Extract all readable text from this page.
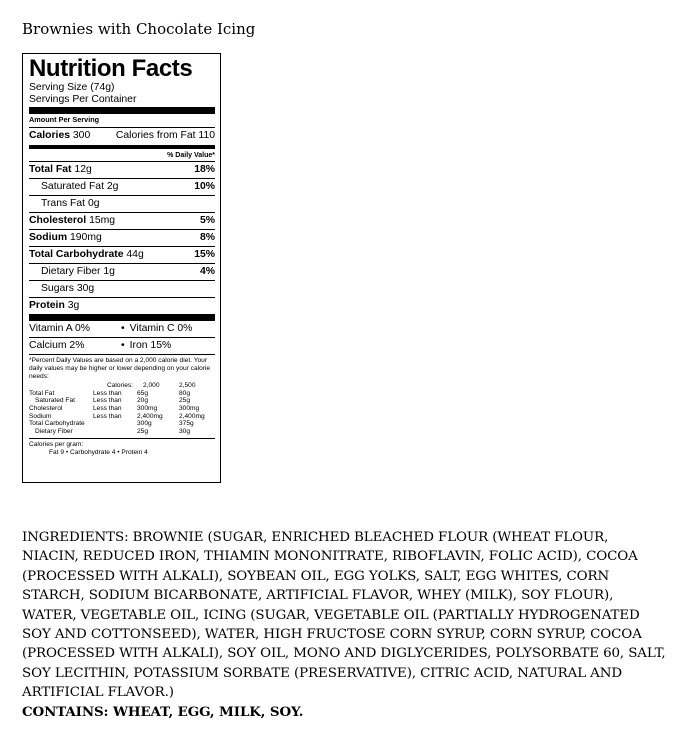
Brownies with Chocolate Icing
Nutrition Facts
Serving Size (74g)
Servings Per Container
Amount Per Serving
Calories 300 Calories from Fat 110
% Daily Value*
Total Fat 12g	18%
Saturated Fat 2g	10%
Trans Fat 0g
Cholesterol 15mg	5%
Sodium 190mg	8%
Total Carbohydrate 44g	15%
Dietary Fiber 1g	4%
Sugars 30g
Protein 3g
Vitamin A 0%	• Vitamin C 0%
Calcium 2%	• Iron 15%
*Percent Daily Values are based on a 2,000 calorie diet. Your daily values may be higher or lower depending on your calorie needs:
Calories:	2,000	2,500
Total Fat	Less than	65g	80g
Saturated Fat	Less than	20g	25g
Cholesterol	Less than	300mg	300mg
Sodium	Less than	2,400mg	2,400mg
Total Carbohydrate	300g	375g
Dietary Fiber	25g	30g
Calories per gram:
Fat 9 • Carbohydrate 4 • Protein 4
INGREDIENTS: BROWNIE (SUGAR, ENRICHED BLEACHED FLOUR (WHEAT FLOUR, NIACIN, REDUCED IRON, THIAMIN MONONITRATE, RIBOFLAVIN, FOLIC ACID), COCOA (PROCESSED WITH ALKALI), SOYBEAN OIL, EGG YOLKS, SALT, EGG WHITES, CORN STARCH, SODIUM BICARBONATE, ARTIFICIAL FLAVOR, WHEY (MILK), SOY FLOUR), WATER, VEGETABLE OIL, ICING (SUGAR, VEGETABLE OIL (PARTIALLY HYDROGENATED SOY AND COTTONSEED), WATER, HIGH FRUCTOSE CORN SYRUP, CORN SYRUP, COCOA (PROCESSED WITH ALKALI), SOY OIL, MONO AND DIGLYCERIDES, POLYSORBATE 60, SALT, SOY LECITHIN, POTASSIUM SORBATE (PRESERVATIVE), CITRIC ACID, NATURAL AND ARTIFICIAL FLAVOR.)
CONTAINS: WHEAT, EGG, MILK, SOY.
